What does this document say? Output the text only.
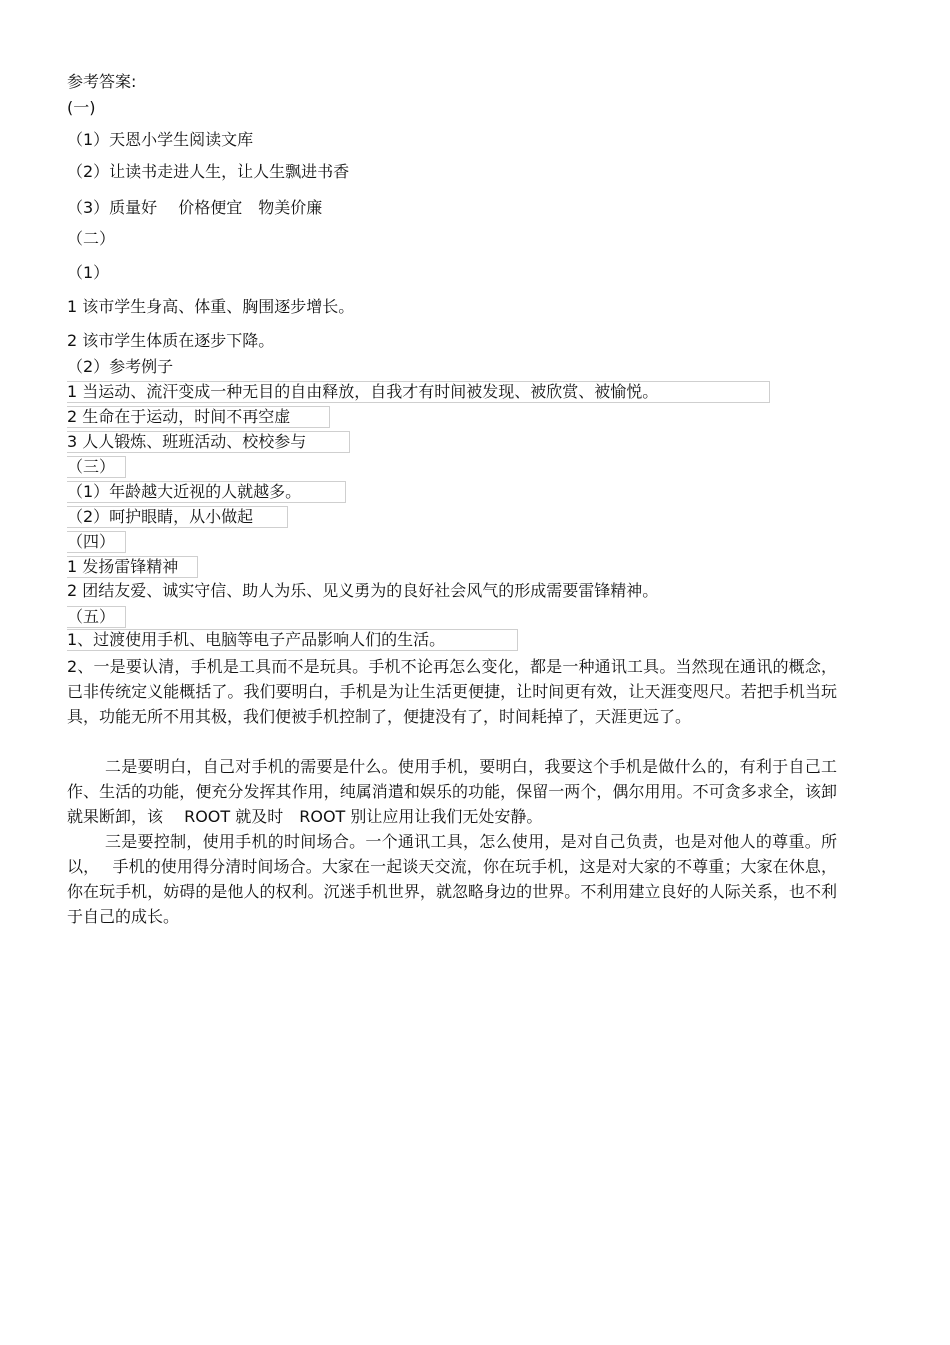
参考答案:
(一)
（1）天恩小学生阅读文库
（2）让读书走进人生，让人生飘进书香
（3）质量好　 价格便宜　物美价廉
（二）
（1）
1 该市学生身高、体重、胸围逐步增长。
2 该市学生体质在逐步下降。
（2）参考例子
1 当运动、流汗变成一种无目的自由释放，自我才有时间被发现、被欣赏、被愉悦。
2 生命在于运动，时间不再空虚
3 人人锻炼、班班活动、校校参与
（三）
（1）年龄越大近视的人就越多。
（2）呵护眼睛，从小做起
（四）
1 发扬雷锋精神
2 团结友爱、诚实守信、助人为乐、见义勇为的良好社会风气的形成需要雷锋精神。
（五）
1、过渡使用手机、电脑等电子产品影响人们的生活。
2、一是要认清，手机是工具而不是玩具。手机不论再怎么变化，都是一种通讯工具。当然现在通讯的概念，已非传统定义能概括了。我们要明白，手机是为让生活更便捷，让时间更有效，让天涯变咫尺。若把手机当玩具，功能无所不用其极，我们便被手机控制了，便捷没有了，时间耗掉了，天涯更远了。
二是要明白，自己对手机的需要是什么。使用手机，要明白，我要这个手机是做什么的，有利于自己工作、生活的功能，便充分发挥其作用，纯属消遣和娱乐的功能，保留一两个，偶尔用用。不可贪多求全，该卸就果断卸，该　 ROOT 就及时　ROOT 别让应用让我们无处安静。
三是要控制，使用手机的时间场合。一个通讯工具，怎么使用，是对自己负责，也是对他人的尊重。所以，　 手机的使用得分清时间场合。大家在一起谈天交流，你在玩手机，这是对大家的不尊重；大家在休息，你在玩手机，妨碍的是他人的权利。沉迷手机世界，就忽略身边的世界。不利用建立良好的人际关系，也不利于自己的成长。
